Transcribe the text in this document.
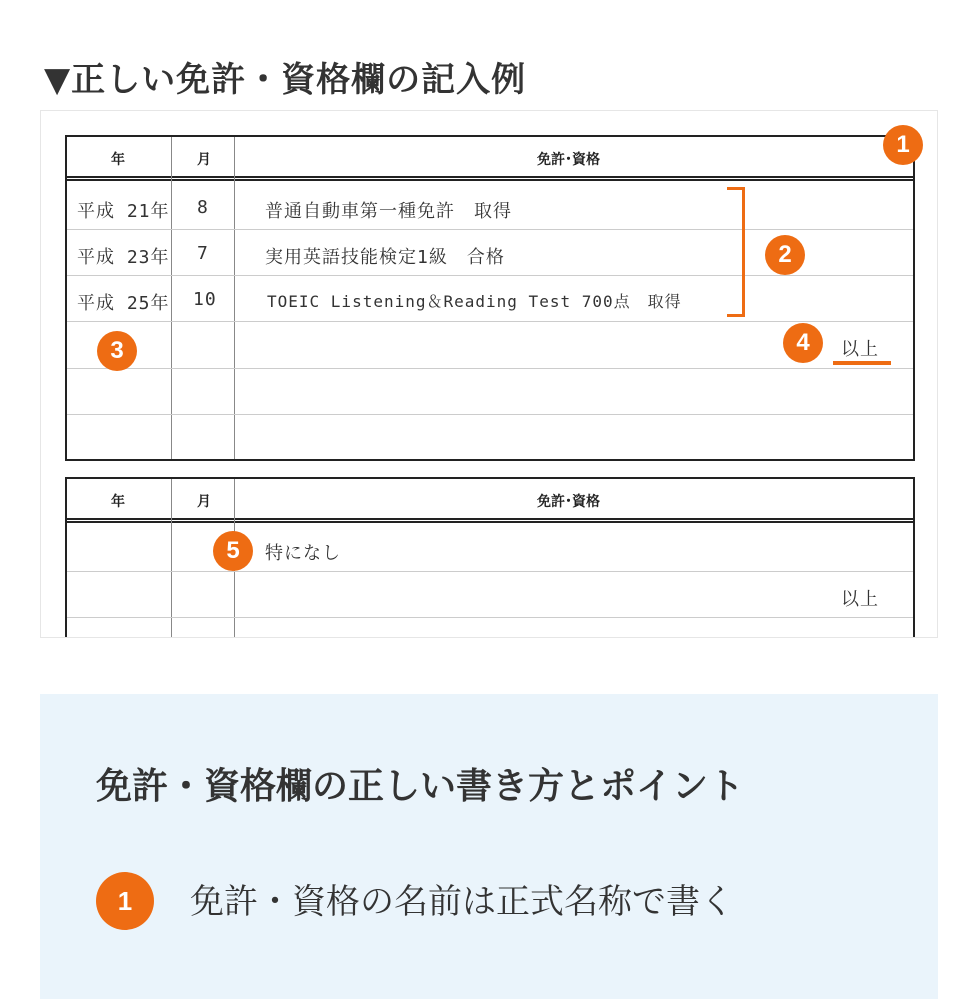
▼正しい免許・資格欄の記入例
年	月	免許･資格
平成 21年 8	普通自動車第一種免許　取得
平成 23年 7	実用英語技能検定1級　合格
平成 25年 10	TOEIC Listening＆Reading Test 700点　取得
以上
年	月	免許･資格
特になし
以上
1
2
3	4
5
免許・資格欄の正しい書き方とポイント
1	免許・資格の名前は正式名称で書く
